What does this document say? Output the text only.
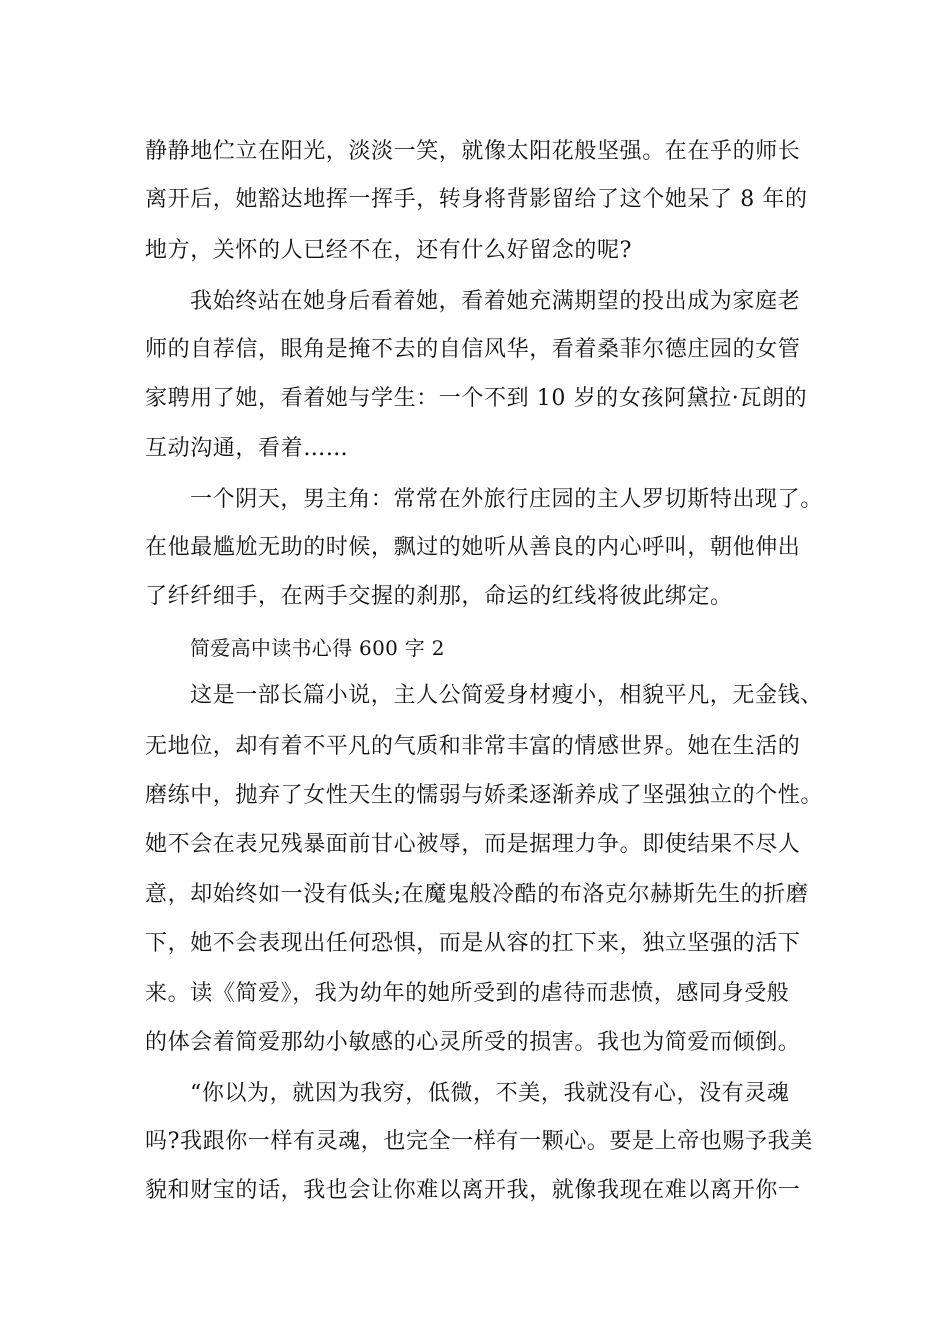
静静地伫立在阳光，淡淡一笑，就像太阳花般坚强。在在乎的师长
离开后，她豁达地挥一挥手，转身将背影留给了这个她呆了 8 年的
地方，关怀的人已经不在，还有什么好留念的呢?
我始终站在她身后看着她，看着她充满期望的投出成为家庭老
师的自荐信，眼角是掩不去的自信风华，看着桑菲尔德庄园的女管
家聘用了她，看着她与学生：一个不到 10 岁的女孩阿黛拉·瓦朗的
互动沟通，看着……
一个阴天，男主角：常常在外旅行庄园的主人罗切斯特出现了。
在他最尴尬无助的时候，飘过的她听从善良的内心呼叫，朝他伸出
了纤纤细手，在两手交握的刹那，命运的红线将彼此绑定。
简爱高中读书心得 600 字 2
这是一部长篇小说，主人公简爱身材瘦小，相貌平凡，无金钱、
无地位，却有着不平凡的气质和非常丰富的情感世界。她在生活的
磨练中，抛弃了女性天生的懦弱与娇柔逐渐养成了坚强独立的个性。
她不会在表兄残暴面前甘心被辱，而是据理力争。即使结果不尽人
意，却始终如一没有低头;在魔鬼般冷酷的布洛克尔赫斯先生的折磨
下，她不会表现出任何恐惧，而是从容的扛下来，独立坚强的活下
来。读《简爱》，我为幼年的她所受到的虐待而悲愤，感同身受般
的体会着简爱那幼小敏感的心灵所受的损害。我也为简爱而倾倒。
“你以为，就因为我穷，低微，不美，我就没有心，没有灵魂
吗?我跟你一样有灵魂，也完全一样有一颗心。要是上帝也赐予我美
貌和财宝的话，我也会让你难以离开我，就像我现在难以离开你一
